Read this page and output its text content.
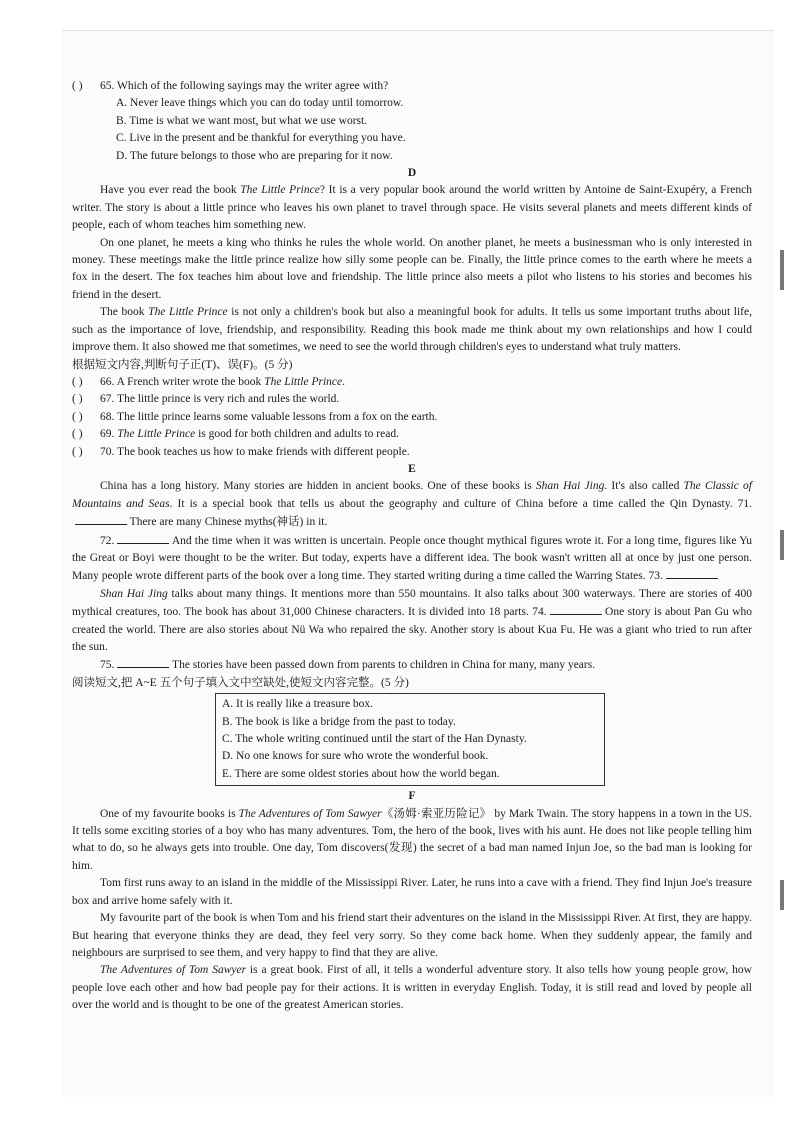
( )	65. Which of the following sayings may the writer agree with?
A. Never leave things which you can do today until tomorrow.
B. Time is what we want most, but what we use worst.
C. Live in the present and be thankful for everything you have.
D. The future belongs to those who are preparing for it now.
D

Have you ever read the book The Little Prince? It is a very popular book around the world written by Antoine de Saint-Exupéry, a French writer. The story is about a little prince who leaves his own planet to travel through space. He visits several planets and meets different kinds of people, each of whom teaches him something new.

On one planet, he meets a king who thinks he rules the whole world. On another planet, he meets a businessman who is only interested in money. These meetings make the little prince realize how silly some people can be. Finally, the little prince comes to the earth where he meets a fox in the desert. The fox teaches him about love and friendship. The little prince also meets a pilot who listens to his stories and becomes his friend in the desert.

The book The Little Prince is not only a children's book but also a meaningful book for adults. It tells us some important truths about life, such as the importance of love, friendship, and responsibility. Reading this book made me think about my own relationships and how I could improve them. It also showed me that sometimes, we need to see the world through children's eyes to understand what truly matters.

根据短文内容,判断句子正(T)、误(F)。(5 分)
( )	66. A French writer wrote the book The Little Prince.
( )	67. The little prince is very rich and rules the world.
( )	68. The little prince learns some valuable lessons from a fox on the earth.
( )	69. The Little Prince is good for both children and adults to read.
( )	70. The book teaches us how to make friends with different people.
E

China has a long history. Many stories are hidden in ancient books. One of these books is Shan Hai Jing. It's also called The Classic of Mountains and Seas. It is a special book that tells us about the geography and culture of China before a time called the Qin Dynasty. 71. There are many Chinese myths(神话) in it.

72.	And the time when it was written is uncertain. People once thought mythical figures wrote it. For a long time, figures like Yu the Great or Boyi were thought to be the writer. But today, experts have a different idea. The book wasn't written all at once by just one person. Many people wrote different parts of the book over a long time. They started writing during a time called the Warring States. 73.

Shan Hai Jing talks about many things. It mentions more than 550 mountains. It also talks about 300 waterways. There are stories of 400 mythical creatures, too. The book has about 31,000 Chinese characters. It is divided into 18 parts. 74.	One story is about Pan Gu who created the world. There are also stories about Nü Wa who repaired the sky. Another story is about Kua Fu. He was a giant who tried to run after the sun.

75.	The stories have been passed down from parents to children in China for many, many years.

阅读短文,把 A~E 五个句子填入文中空缺处,使短文内容完整。(5 分)
A. It is really like a treasure box.
B. The book is like a bridge from the past to today.
C. The whole writing continued until the start of the Han Dynasty.
D. No one knows for sure who wrote the wonderful book.
E. There are some oldest stories about how the world began.
F

One of my favourite books is The Adventures of Tom Sawyer《汤姆·索亚历险记》 by Mark Twain. The story happens in a town in the US. It tells some exciting stories of a boy who has many adventures. Tom, the hero of the book, lives with his aunt. He does not like people telling him what to do, so he always gets into trouble. One day, Tom discovers(发现) the secret of a bad man named Injun Joe, so the bad man is looking for him.

Tom first runs away to an island in the middle of the Mississippi River. Later, he runs into a cave with a friend. They find Injun Joe's treasure box and arrive home safely with it.

My favourite part of the book is when Tom and his friend start their adventures on the island in the Mississippi River. At first, they are happy. But hearing that everyone thinks they are dead, they feel very sorry. So they come back home. When they suddenly appear, the family and neighbours are surprised to see them, and very happy to find that they are alive.

The Adventures of Tom Sawyer is a great book. First of all, it tells a wonderful adventure story. It also tells how young people grow, how people love each other and how bad people pay for their actions. It is written in everyday English. Today, it is still read and loved by people all over the world and is thought to be one of the greatest American stories.
